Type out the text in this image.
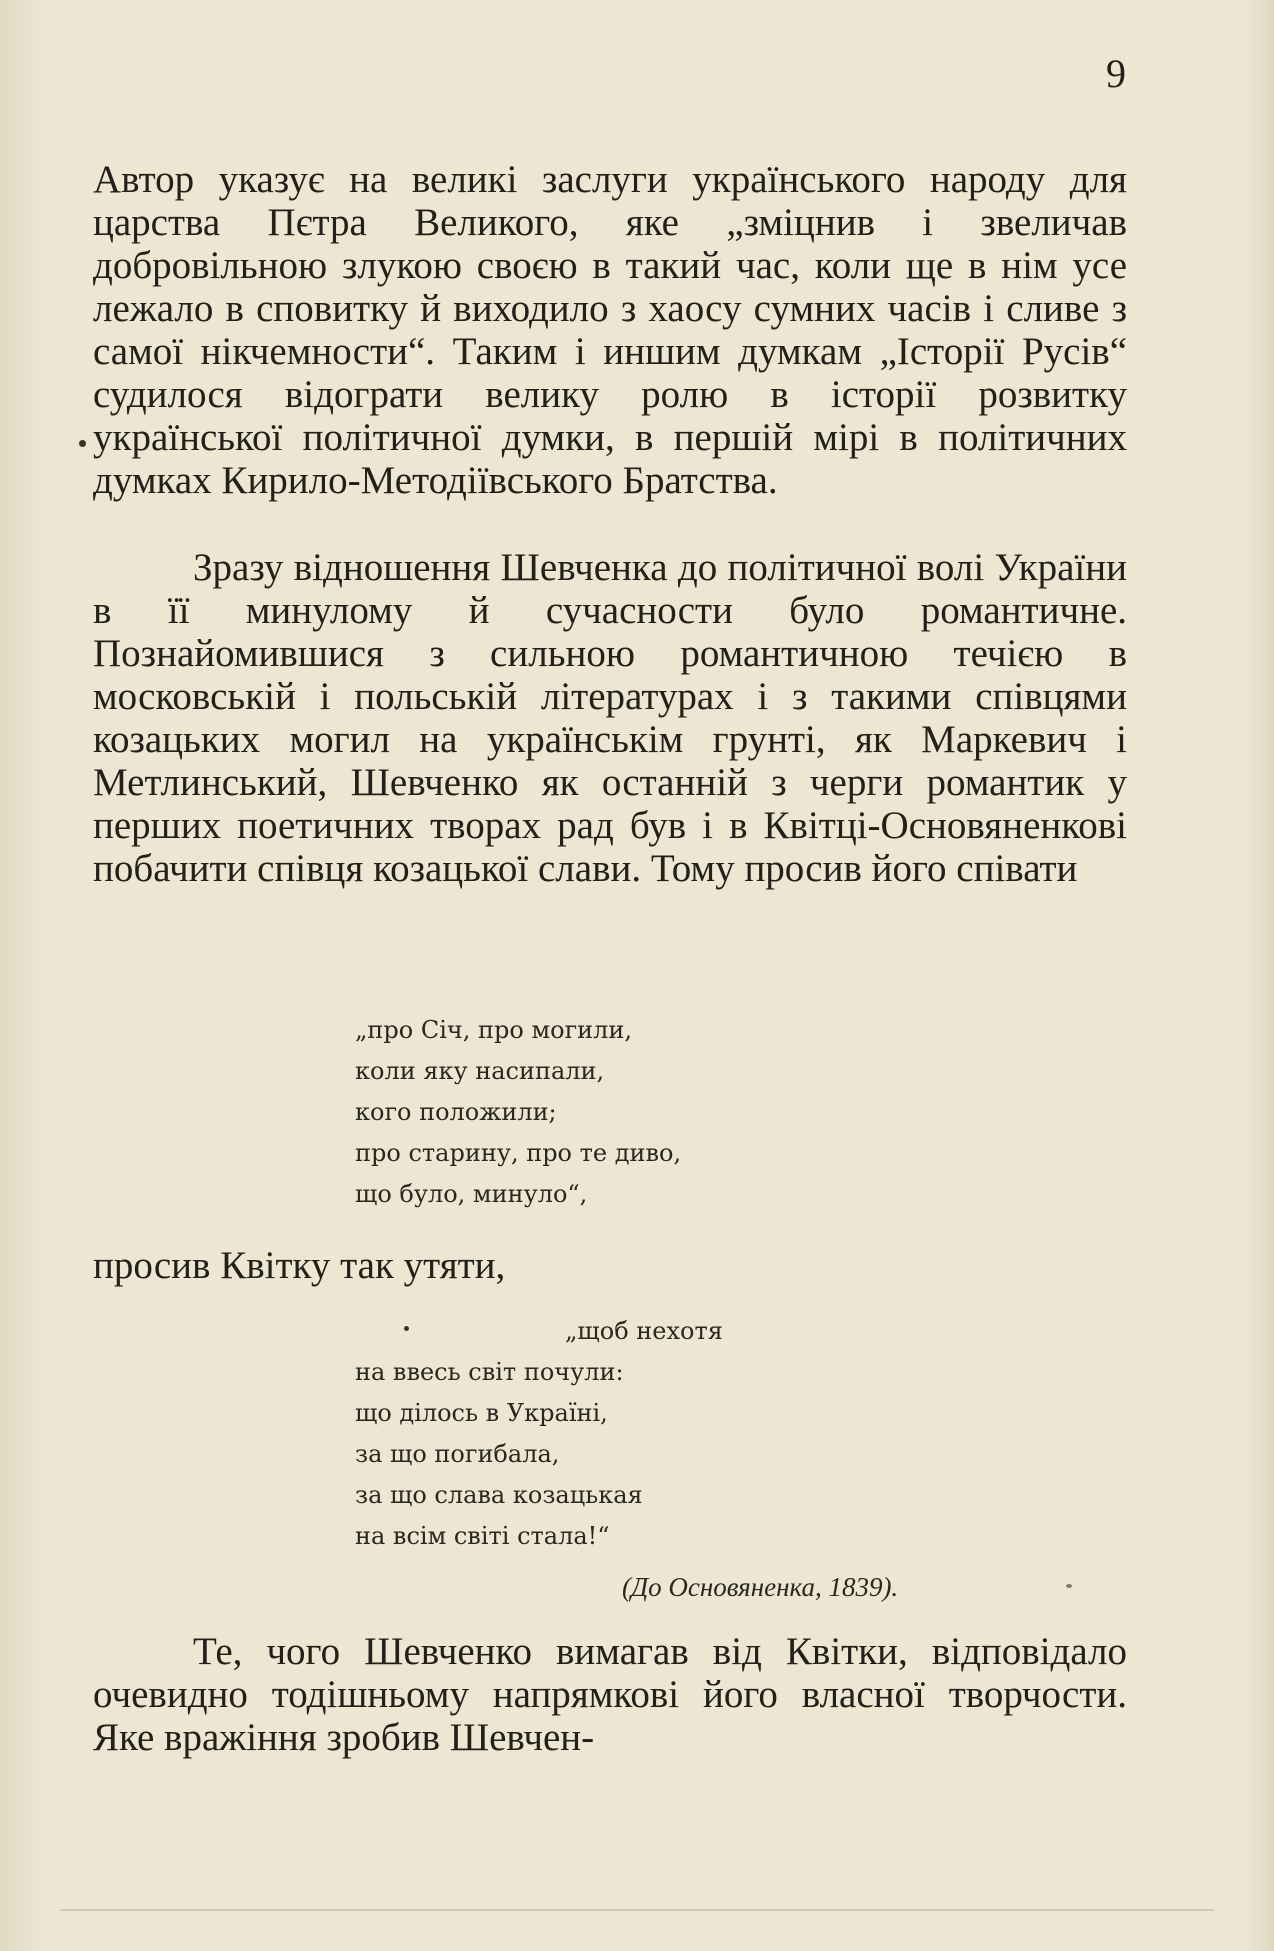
9

Автор указує на великі заслуги українського народу для царства Пєтра Великого, яке „зміцнив і звеличав добровільною злукою своєю в такий час, коли ще в нім усе лежало в сповитку й виходило з хаосу сумних часів і сливе з самої нікчемности“. Таким і иншим думкам „Історії Русів“ судилося відограти велику ролю в історії розвитку української політичної думки, в першій мірі в політичних думках Кирило-Методіївського Братства.

Зразу відношення Шевченка до політичної волі України в її минулому й сучасности було романтичне. Познайомившися з сильною романтичною течією в московській і польській літературах і з такими співцями козацьких могил на українськім грунті, як Маркевич і Метлинський, Шевченко як останній з черги романтик у перших поетичних творах рад був і в Квітці-Основяненкові побачити співця козацької слави. Тому просив його співати

„про Січ, про могили,
коли яку насипали,
кого положили;
про старину, про те диво,
що було, минуло“,

просив Квітку так утяти,

„щоб нехотя
на ввесь світ почули:
що ділось в Україні,
за що погибала,
за що слава козацькая
на всім світі стала!“
(До Основяненка, 1839).

Те, чого Шевченко вимагав від Квітки, відповідало очевидно тодішньому напрямкові його власної творчости. Яке вражіння зробив Шевчен-
